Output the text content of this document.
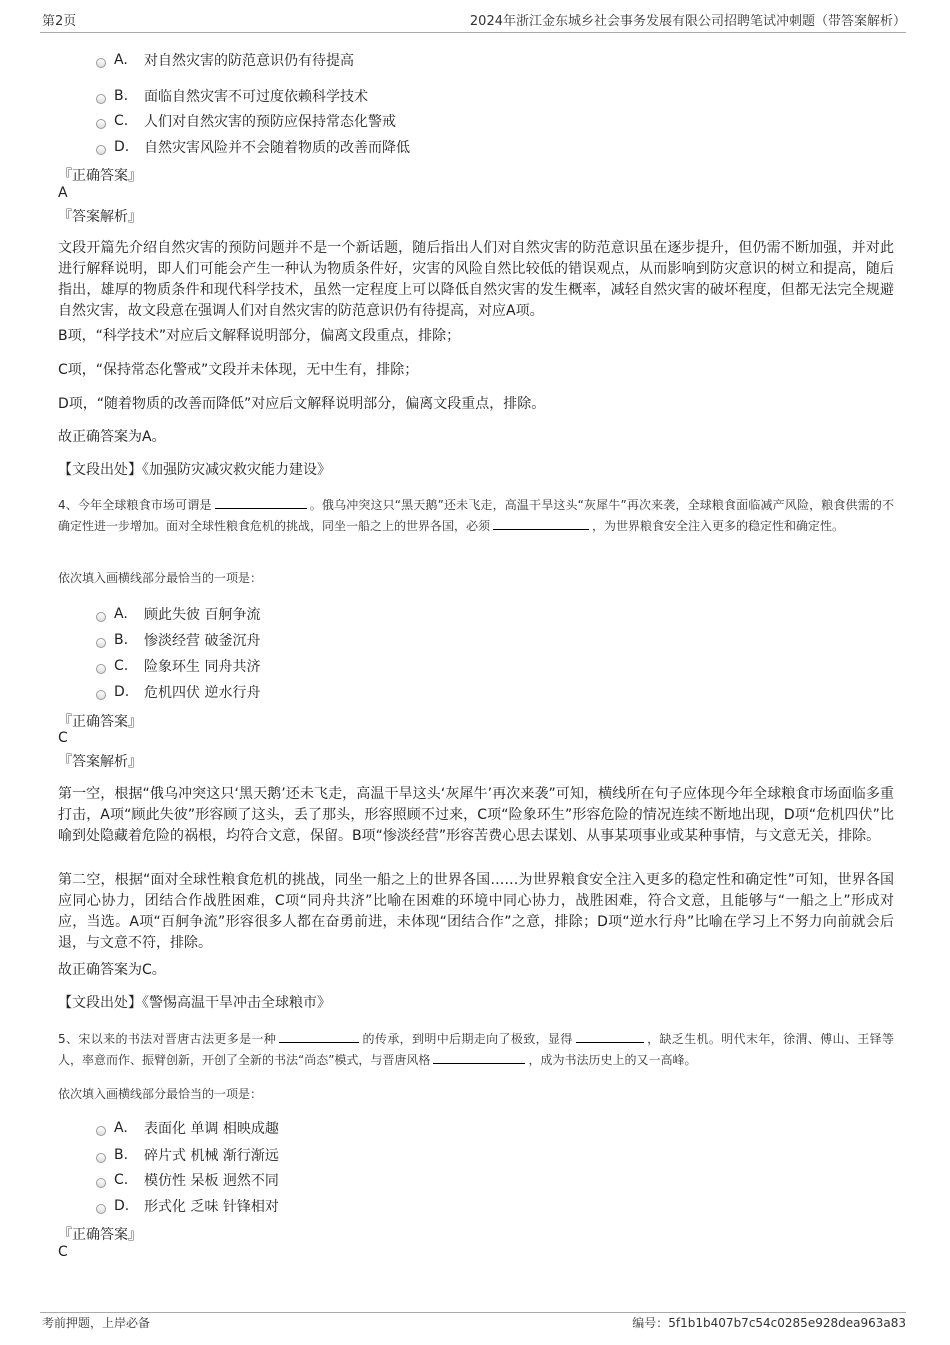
第2页	2024年浙江金东城乡社会事务发展有限公司招聘笔试冲刺题（带答案解析）
A.	对自然灾害的防范意识仍有待提高
B.	面临自然灾害不可过度依赖科学技术
C.	人们对自然灾害的预防应保持常态化警戒
D.	自然灾害风险并不会随着物质的改善而降低
『正确答案』
A
『答案解析』
文段开篇先介绍自然灾害的预防问题并不是一个新话题，随后指出人们对自然灾害的防范意识虽在逐步提升，但仍需不断加强，并对此进行解释说明，即人们可能会产生一种认为物质条件好，灾害的风险自然比较低的错误观点，从而影响到防灾意识的树立和提高，随后指出，雄厚的物质条件和现代科学技术，虽然一定程度上可以降低自然灾害的发生概率，减轻自然灾害的破坏程度，但都无法完全规避自然灾害，故文段意在强调人们对自然灾害的防范意识仍有待提高，对应A项。
B项，“科学技术”对应后文解释说明部分，偏离文段重点，排除；
C项，“保持常态化警戒”文段并未体现，无中生有，排除；
D项，“随着物质的改善而降低”对应后文解释说明部分，偏离文段重点，排除。
故正确答案为A。
【文段出处】《加强防灾减灾救灾能力建设》
4、今年全球粮食市场可谓是	。俄乌冲突这只“黑天鹅”还未飞走，高温干旱这头“灰犀牛”再次来袭，全球粮食面临减产风险，粮食供需的不确定性进一步增加。面对全球性粮食危机的挑战，同坐一船之上的世界各国，必须	，为世界粮食安全注入更多的稳定性和确定性。
依次填入画横线部分最恰当的一项是：
A.	顾此失彼 百舸争流
B.	惨淡经营 破釜沉舟
C.	险象环生 同舟共济
D.	危机四伏 逆水行舟
『正确答案』
C
『答案解析』
第一空，根据“俄乌冲突这只‘黑天鹅’还未飞走，高温干旱这头‘灰犀牛’再次来袭”可知，横线所在句子应体现今年全球粮食市场面临多重打击，A项“顾此失彼”形容顾了这头，丢了那头，形容照顾不过来，C项“险象环生”形容危险的情况连续不断地出现，D项“危机四伏”比喻到处隐藏着危险的祸根，均符合文意，保留。B项“惨淡经营”形容苦费心思去谋划、从事某项事业或某种事情，与文意无关，排除。
第二空，根据“面对全球性粮食危机的挑战，同坐一船之上的世界各国……为世界粮食安全注入更多的稳定性和确定性”可知，世界各国应同心协力，团结合作战胜困难，C项“同舟共济”比喻在困难的环境中同心协力，战胜困难，符合文意，且能够与“一船之上”形成对应，当选。A项“百舸争流”形容很多人都在奋勇前进，未体现“团结合作”之意，排除；D项“逆水行舟”比喻在学习上不努力向前就会后退，与文意不符，排除。
故正确答案为C。
【文段出处】《警惕高温干旱冲击全球粮市》
5、宋以来的书法对晋唐古法更多是一种	的传承，到明中后期走向了极致，显得	，缺乏生机。明代末年，徐渭、傅山、王铎等人，率意而作、振臂创新，开创了全新的书法“尚态”模式，与晋唐风格	，成为书法历史上的又一高峰。
依次填入画横线部分最恰当的一项是：
A.	表面化 单调 相映成趣
B.	碎片式 机械 渐行渐远
C.	模仿性 呆板 迥然不同
D.	形式化 乏味 针锋相对
『正确答案』
C
考前押题，上岸必备	编号：5f1b1b407b7c54c0285e928dea963a83
